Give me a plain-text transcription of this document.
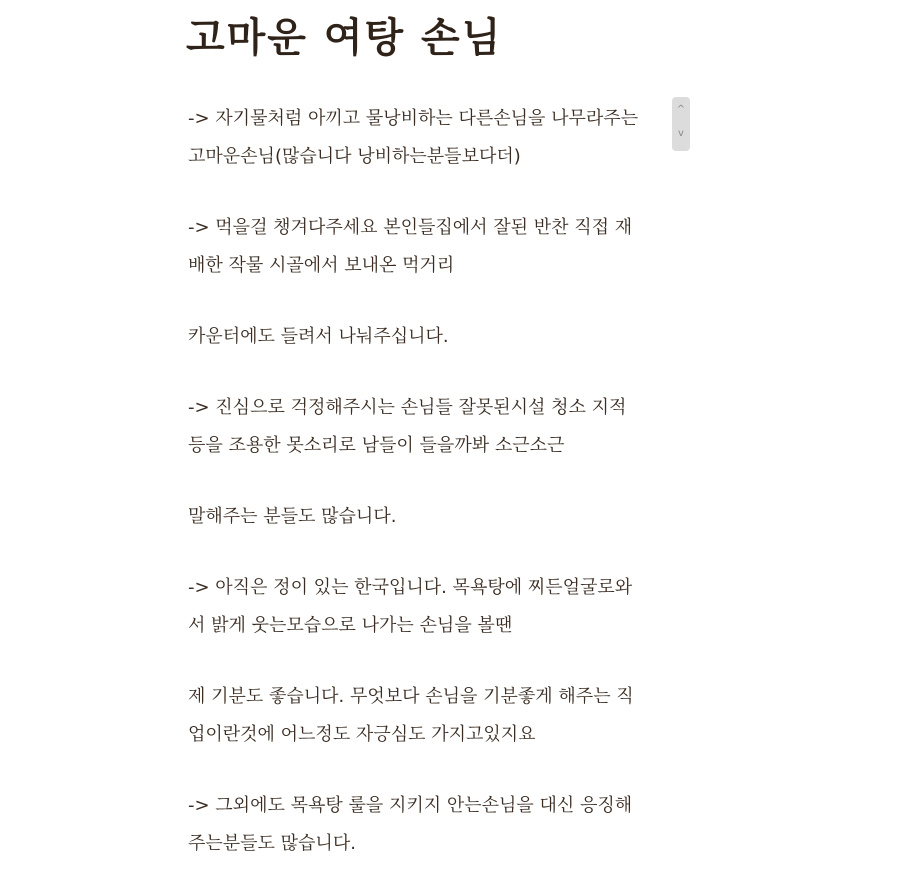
고마운 여탕 손님

-> 자기물처럼 아끼고 물낭비하는 다른손님을 나무라주는
고마운손님(많습니다 낭비하는분들보다더)

-> 먹을걸 챙겨다주세요 본인들집에서 잘된 반찬 직접 재
배한 작물 시골에서 보내온 먹거리

카운터에도 들려서 나눠주십니다.

-> 진심으로 걱정해주시는 손님들 잘못된시설 청소 지적
등을 조용한 못소리로 남들이 들을까봐 소근소근

말해주는 분들도 많습니다.

-> 아직은 정이 있는 한국입니다. 목욕탕에 찌든얼굴로와
서 밝게 웃는모습으로 나가는 손님을 볼땐

제 기분도 좋습니다. 무엇보다 손님을 기분좋게 해주는 직
업이란것에 어느정도 자긍심도 가지고있지요

-> 그외에도 목욕탕 룰을 지키지 안는손님을 대신 응징해
주는분들도 많습니다.

^
v
